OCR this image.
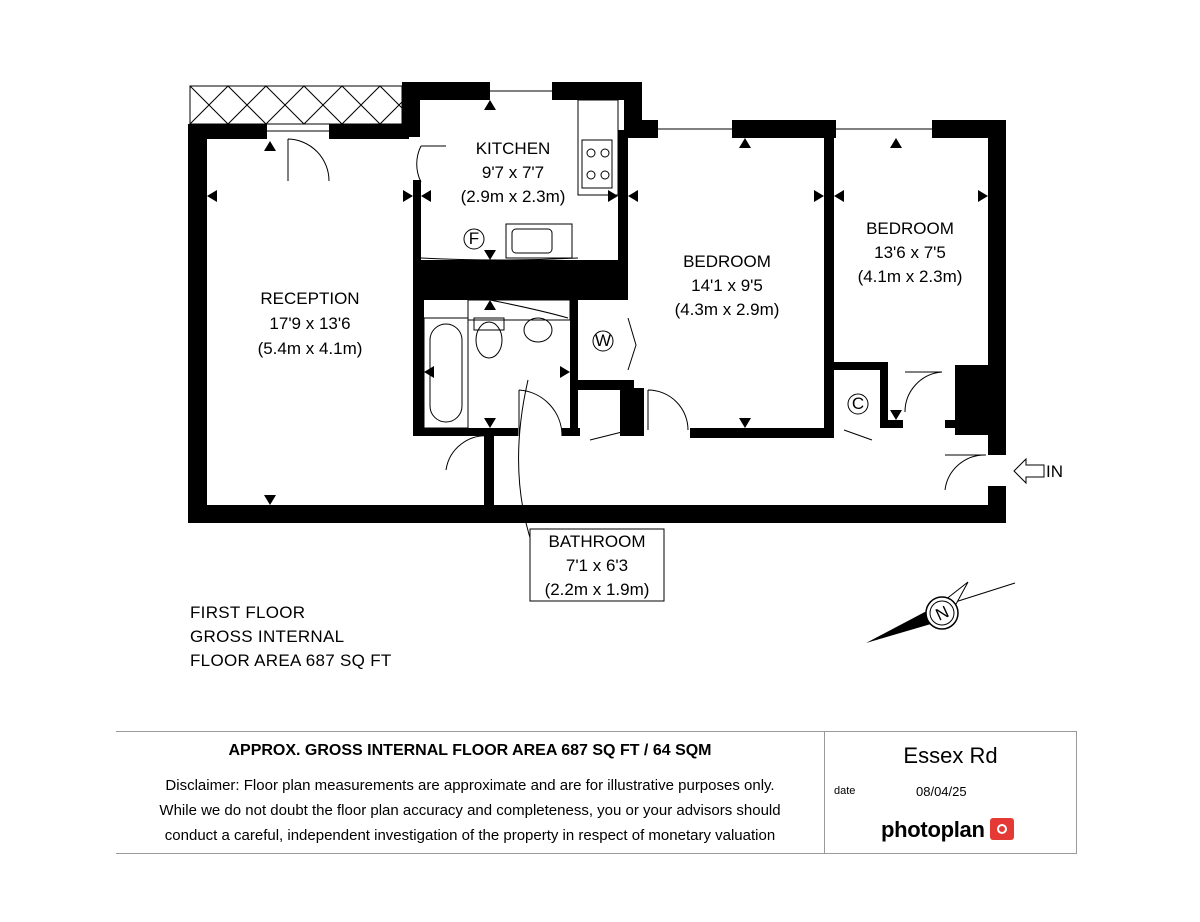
F
W
C
IN
KITCHEN
9'7 x 7'7
(2.9m x 2.3m)
RECEPTION
17'9 x 13'6
(5.4m x 4.1m)
BEDROOM
14'1 x 9'5
(4.3m x 2.9m)
BEDROOM
13'6 x 7'5
(4.1m x 2.3m)
BATHROOM
7'1 x 6'3
(2.2m x 1.9m)
N
FIRST FLOOR
GROSS INTERNAL
FLOOR AREA 687 SQ FT
APPROX. GROSS INTERNAL FLOOR AREA 687 SQ FT / 64 SQM
Disclaimer: Floor plan measurements are approximate and are for illustrative purposes only.
While we do not doubt the floor plan accuracy and completeness, you or your advisors should
conduct a careful, independent investigation of the property in respect of monetary valuation
Essex Rd
date	08/04/25
photoplan
